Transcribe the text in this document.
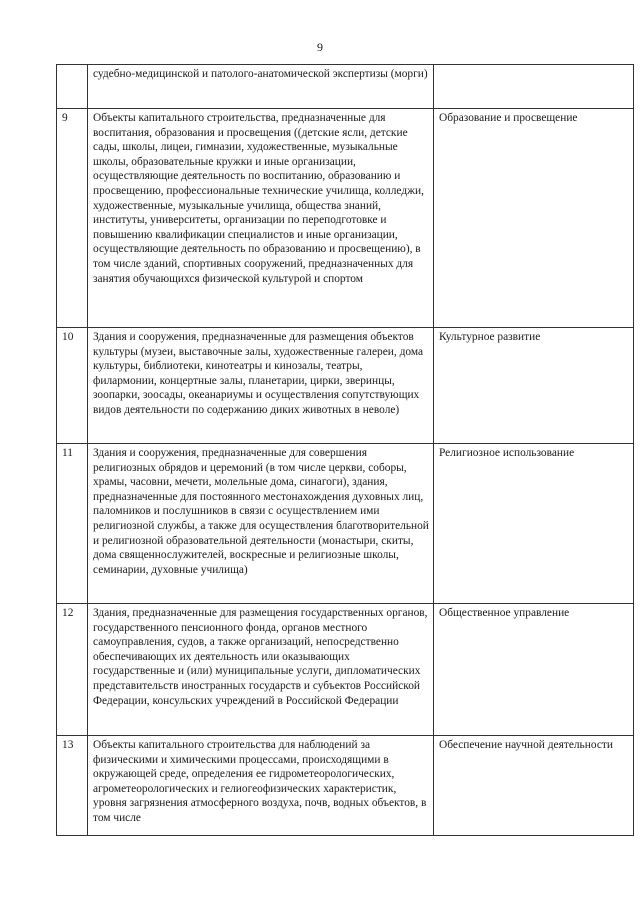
9
	судебно-медицинской и патолого-анатомической экспертизы (морги)	
9	Объекты капитального строительства, предназначенные для воспитания, образования и просвещения ((детские ясли, детские сады, школы, лицеи, гимназии, художественные, музыкальные школы, образовательные кружки и иные организации, осуществляющие деятельность по воспитанию, образованию и просвещению, профессиональные технические училища, колледжи, художественные, музыкальные училища, общества знаний, институты, университеты, организации по переподготовке и повышению квалификации специалистов и иные организации, осуществляющие деятельность по образованию и просвещению), в том числе зданий, спортивных сооружений, предназначенных для занятия обучающихся физической культурой и спортом	Образование и просвещение
10	Здания и сооружения, предназначенные для размещения объектов культуры (музеи, выставочные залы, художественные галереи, дома культуры, библиотеки, кинотеатры и кинозалы, театры, филармонии, концертные залы, планетарии, цирки, зверинцы, зоопарки, зоосады, океанариумы и осуществления сопутствующих видов деятельности по содержанию диких животных в неволе)	Культурное развитие
11	Здания и сооружения, предназначенные для совершения религиозных обрядов и церемоний (в том числе церкви, соборы, храмы, часовни, мечети, молельные дома, синагоги), здания, предназначенные для постоянного местонахождения духовных лиц, паломников и послушников в связи с осуществлением ими религиозной службы, а также для осуществления благотворительной и религиозной образовательной деятельности (монастыри, скиты, дома священнослужителей, воскресные и религиозные школы, семинарии, духовные училища)	Религиозное использование
12	Здания, предназначенные для размещения государственных органов, государственного пенсионного фонда, органов местного самоуправления, судов, а также организаций, непосредственно обеспечивающих их деятельность или оказывающих государственные и (или) муниципальные услуги, дипломатических представительств иностранных государств и субъектов Российской Федерации, консульских учреждений в Российской Федерации	Общественное управление
13	Объекты капитального строительства для наблюдений за физическими и химическими процессами, происходящими в окружающей среде, определения ее гидрометеорологических, агрометеорологических и гелиогеофизических характеристик, уровня загрязнения атмосферного воздуха, почв, водных объектов, в том числе	Обеспечение научной деятельности
